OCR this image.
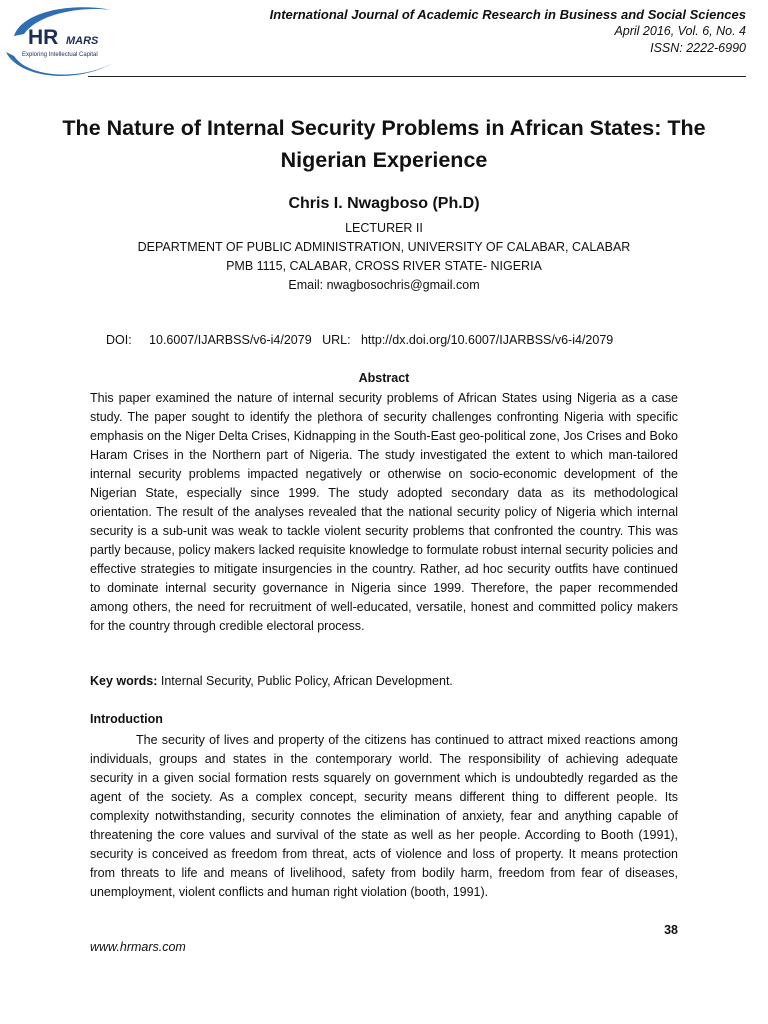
HR MARS
Exploring Intellectual Capital
International Journal of Academic Research in Business and Social Sciences
April 2016, Vol. 6, No. 4
ISSN: 2222-6990
The Nature of Internal Security Problems in African States: The Nigerian Experience
Chris I. Nwagboso (Ph.D)
LECTURER II
DEPARTMENT OF PUBLIC ADMINISTRATION, UNIVERSITY OF CALABAR, CALABAR
PMB 1115, CALABAR, CROSS RIVER STATE- NIGERIA
Email: nwagbosochris@gmail.com
DOI:     10.6007/IJARBSS/v6-i4/2079   URL:   http://dx.doi.org/10.6007/IJARBSS/v6-i4/2079
Abstract
This paper examined the nature of internal security problems of African States using Nigeria as a case study. The paper sought to identify the plethora of security challenges confronting Nigeria with specific emphasis on the Niger Delta Crises, Kidnapping in the South-East geo-political zone, Jos Crises and Boko Haram Crises in the Northern part of Nigeria. The study investigated the extent to which man-tailored internal security problems impacted negatively or otherwise on socio-economic development of the Nigerian State, especially since 1999. The study adopted secondary data as its methodological orientation. The result of the analyses revealed that the national security policy of Nigeria which internal security is a sub-unit was weak to tackle violent security problems that confronted the country. This was partly because, policy makers lacked requisite knowledge to formulate robust internal security policies and effective strategies to mitigate insurgencies in the country. Rather, ad hoc security outfits have continued to dominate internal security governance in Nigeria since 1999. Therefore, the paper recommended among others, the need for recruitment of well-educated, versatile, honest and committed policy makers for the country through credible electoral process.
Key words: Internal Security, Public Policy, African Development.
Introduction
The security of lives and property of the citizens has continued to attract mixed reactions among individuals, groups and states in the contemporary world. The responsibility of achieving adequate security in a given social formation rests squarely on government which is undoubtedly regarded as the agent of the society. As a complex concept, security means different thing to different people. Its complexity notwithstanding, security connotes the elimination of anxiety, fear and anything capable of threatening the core values and survival of the state as well as her people. According to Booth (1991), security is conceived as freedom from threat, acts of violence and loss of property. It means protection from threats to life and means of livelihood, safety from bodily harm, freedom from fear of diseases, unemployment, violent conflicts and human right violation (booth, 1991).
38
www.hrmars.com
